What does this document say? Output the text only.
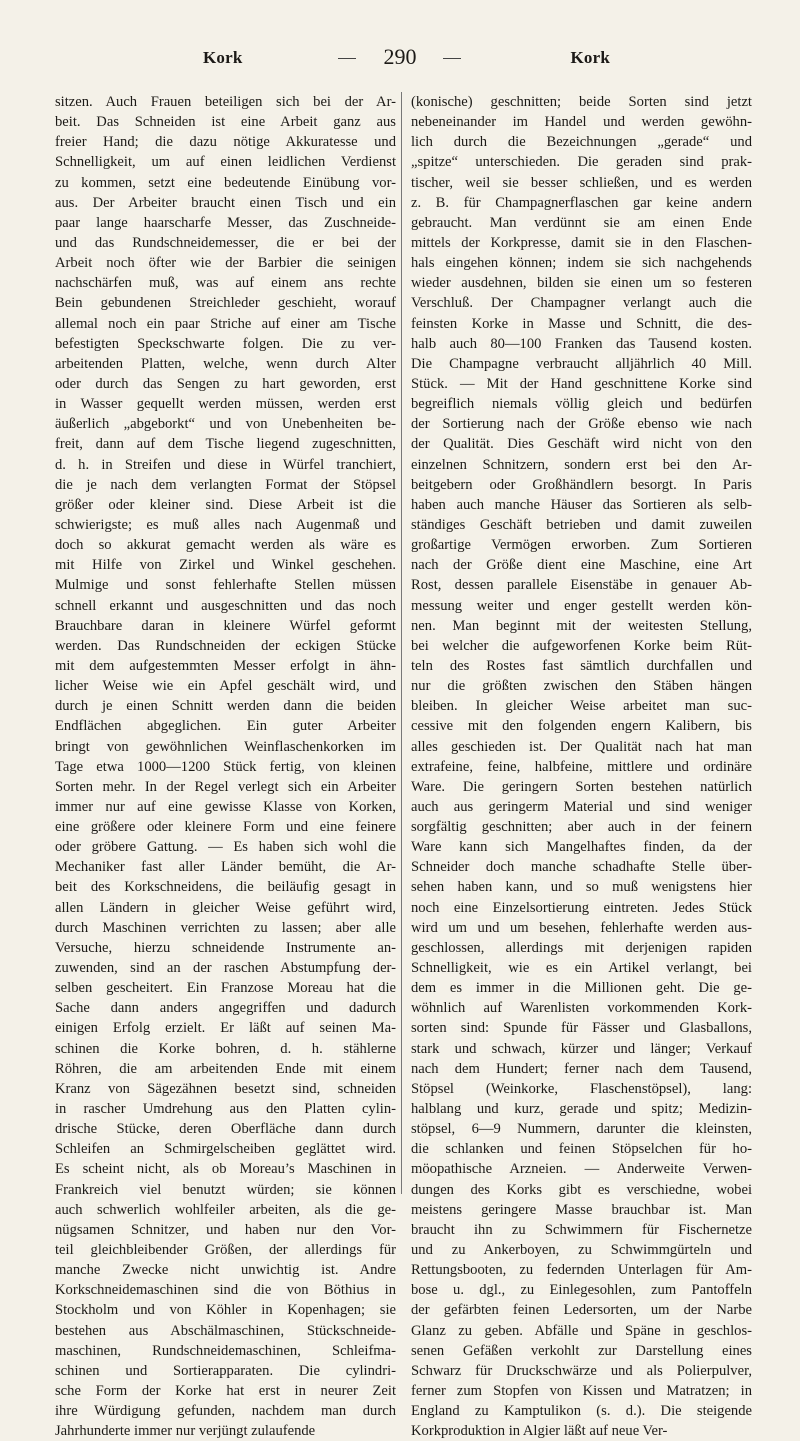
Kork	290	Kork
sitzen. Auch Frauen beteiligen sich bei der Ar-
beit. Das Schneiden ist eine Arbeit ganz aus
freier Hand; die dazu nötige Akkuratesse und
Schnelligkeit, um auf einen leidlichen Verdienst
zu kommen, setzt eine bedeutende Einübung vor-
aus. Der Arbeiter braucht einen Tisch und ein
paar lange haarscharfe Messer, das Zuschneide-
und das Rundschneidemesser, die er bei der
Arbeit noch öfter wie der Barbier die seinigen
nachschärfen muß, was auf einem ans rechte
Bein gebundenen Streichleder geschieht, worauf
allemal noch ein paar Striche auf einer am Tische
befestigten Speckschwarte folgen. Die zu ver-
arbeitenden Platten, welche, wenn durch Alter
oder durch das Sengen zu hart geworden, erst
in Wasser gequellt werden müssen, werden erst
äußerlich „abgeborkt“ und von Unebenheiten be-
freit, dann auf dem Tische liegend zugeschnitten,
d. h. in Streifen und diese in Würfel tranchiert,
die je nach dem verlangten Format der Stöpsel
größer oder kleiner sind. Diese Arbeit ist die
schwierigste; es muß alles nach Augenmaß und
doch so akkurat gemacht werden als wäre es
mit Hilfe von Zirkel und Winkel geschehen.
Mulmige und sonst fehlerhafte Stellen müssen
schnell erkannt und ausgeschnitten und das noch
Brauchbare daran in kleinere Würfel geformt
werden. Das Rundschneiden der eckigen Stücke
mit dem aufgestemmten Messer erfolgt in ähn-
licher Weise wie ein Apfel geschält wird, und
durch je einen Schnitt werden dann die beiden
Endflächen abgeglichen. Ein guter Arbeiter
bringt von gewöhnlichen Weinflaschenkorken im
Tage etwa 1000—1200 Stück fertig, von kleinen
Sorten mehr. In der Regel verlegt sich ein Arbeiter
immer nur auf eine gewisse Klasse von Korken,
eine größere oder kleinere Form und eine feinere
oder gröbere Gattung. — Es haben sich wohl die
Mechaniker fast aller Länder bemüht, die Ar-
beit des Korkschneidens, die beiläufig gesagt in
allen Ländern in gleicher Weise geführt wird,
durch Maschinen verrichten zu lassen; aber alle
Versuche, hierzu schneidende Instrumente an-
zuwenden, sind an der raschen Abstumpfung der-
selben gescheitert. Ein Franzose Moreau hat die
Sache dann anders angegriffen und dadurch
einigen Erfolg erzielt. Er läßt auf seinen Ma-
schinen die Korke bohren, d. h. stählerne
Röhren, die am arbeitenden Ende mit einem
Kranz von Sägezähnen besetzt sind, schneiden
in rascher Umdrehung aus den Platten cylin-
drische Stücke, deren Oberfläche dann durch
Schleifen an Schmirgelscheiben geglättet wird.
Es scheint nicht, als ob Moreau’s Maschinen in
Frankreich viel benutzt würden; sie können
auch schwerlich wohlfeiler arbeiten, als die ge-
nügsamen Schnitzer, und haben nur den Vor-
teil gleichbleibender Größen, der allerdings für
manche Zwecke nicht unwichtig ist. Andre
Korkschneidemaschinen sind die von Böthius in
Stockholm und von Köhler in Kopenhagen; sie
bestehen aus Abschälmaschinen, Stückschneide-
maschinen, Rundschneidemaschinen, Schleifma-
schinen und Sortierapparaten. Die cylindri-
sche Form der Korke hat erst in neurer Zeit
ihre Würdigung gefunden, nachdem man durch
Jahrhunderte immer nur verjüngt zulaufende
(konische) geschnitten; beide Sorten sind jetzt
nebeneinander im Handel und werden gewöhn-
lich durch die Bezeichnungen „gerade“ und
„spitze“ unterschieden. Die geraden sind prak-
tischer, weil sie besser schließen, und es werden
z. B. für Champagnerflaschen gar keine andern
gebraucht. Man verdünnt sie am einen Ende
mittels der Korkpresse, damit sie in den Flaschen-
hals eingehen können; indem sie sich nachgehends
wieder ausdehnen, bilden sie einen um so festeren
Verschluß. Der Champagner verlangt auch die
feinsten Korke in Masse und Schnitt, die des-
halb auch 80—100 Franken das Tausend kosten.
Die Champagne verbraucht alljährlich 40 Mill.
Stück. — Mit der Hand geschnittene Korke sind
begreiflich niemals völlig gleich und bedürfen
der Sortierung nach der Größe ebenso wie nach
der Qualität. Dies Geschäft wird nicht von den
einzelnen Schnitzern, sondern erst bei den Ar-
beitgebern oder Großhändlern besorgt. In Paris
haben auch manche Häuser das Sortieren als selb-
ständiges Geschäft betrieben und damit zuweilen
großartige Vermögen erworben. Zum Sortieren
nach der Größe dient eine Maschine, eine Art
Rost, dessen parallele Eisenstäbe in genauer Ab-
messung weiter und enger gestellt werden kön-
nen. Man beginnt mit der weitesten Stellung,
bei welcher die aufgeworfenen Korke beim Rüt-
teln des Rostes fast sämtlich durchfallen und
nur die größten zwischen den Stäben hängen
bleiben. In gleicher Weise arbeitet man suc-
cessive mit den folgenden engern Kalibern, bis
alles geschieden ist. Der Qualität nach hat man
extrafeine, feine, halbfeine, mittlere und ordinäre
Ware. Die geringern Sorten bestehen natürlich
auch aus geringerm Material und sind weniger
sorgfältig geschnitten; aber auch in der feinern
Ware kann sich Mangelhaftes finden, da der
Schneider doch manche schadhafte Stelle über-
sehen haben kann, und so muß wenigstens hier
noch eine Einzelsortierung eintreten. Jedes Stück
wird um und um besehen, fehlerhafte werden aus-
geschlossen, allerdings mit derjenigen rapiden
Schnelligkeit, wie es ein Artikel verlangt, bei
dem es immer in die Millionen geht. Die ge-
wöhnlich auf Warenlisten vorkommenden Kork-
sorten sind: Spunde für Fässer und Glasballons,
stark und schwach, kürzer und länger; Verkauf
nach dem Hundert; ferner nach dem Tausend,
Stöpsel (Weinkorke, Flaschenstöpsel), lang:
halblang und kurz, gerade und spitz; Medizin-
stöpsel, 6—9 Nummern, darunter die kleinsten,
die schlanken und feinen Stöpselchen für ho-
möopathische Arzneien. — Anderweite Verwen-
dungen des Korks gibt es verschiedne, wobei
meistens geringere Masse brauchbar ist. Man
braucht ihn zu Schwimmern für Fischernetze
und zu Ankerboyen, zu Schwimmgürteln und
Rettungsbooten, zu federnden Unterlagen für Am-
bose u. dgl., zu Einlegesohlen, zum Pantoffeln
der gefärbten feinen Ledersorten, um der Narbe
Glanz zu geben. Abfälle und Späne in geschlos-
senen Gefäßen verkohlt zur Darstellung eines
Schwarz für Druckschwärze und als Polierpulver,
ferner zum Stopfen von Kissen und Matratzen; in
England zu Kamptulikon (s. d.). Die steigende
Korkproduktion in Algier läßt auf neue Ver-
